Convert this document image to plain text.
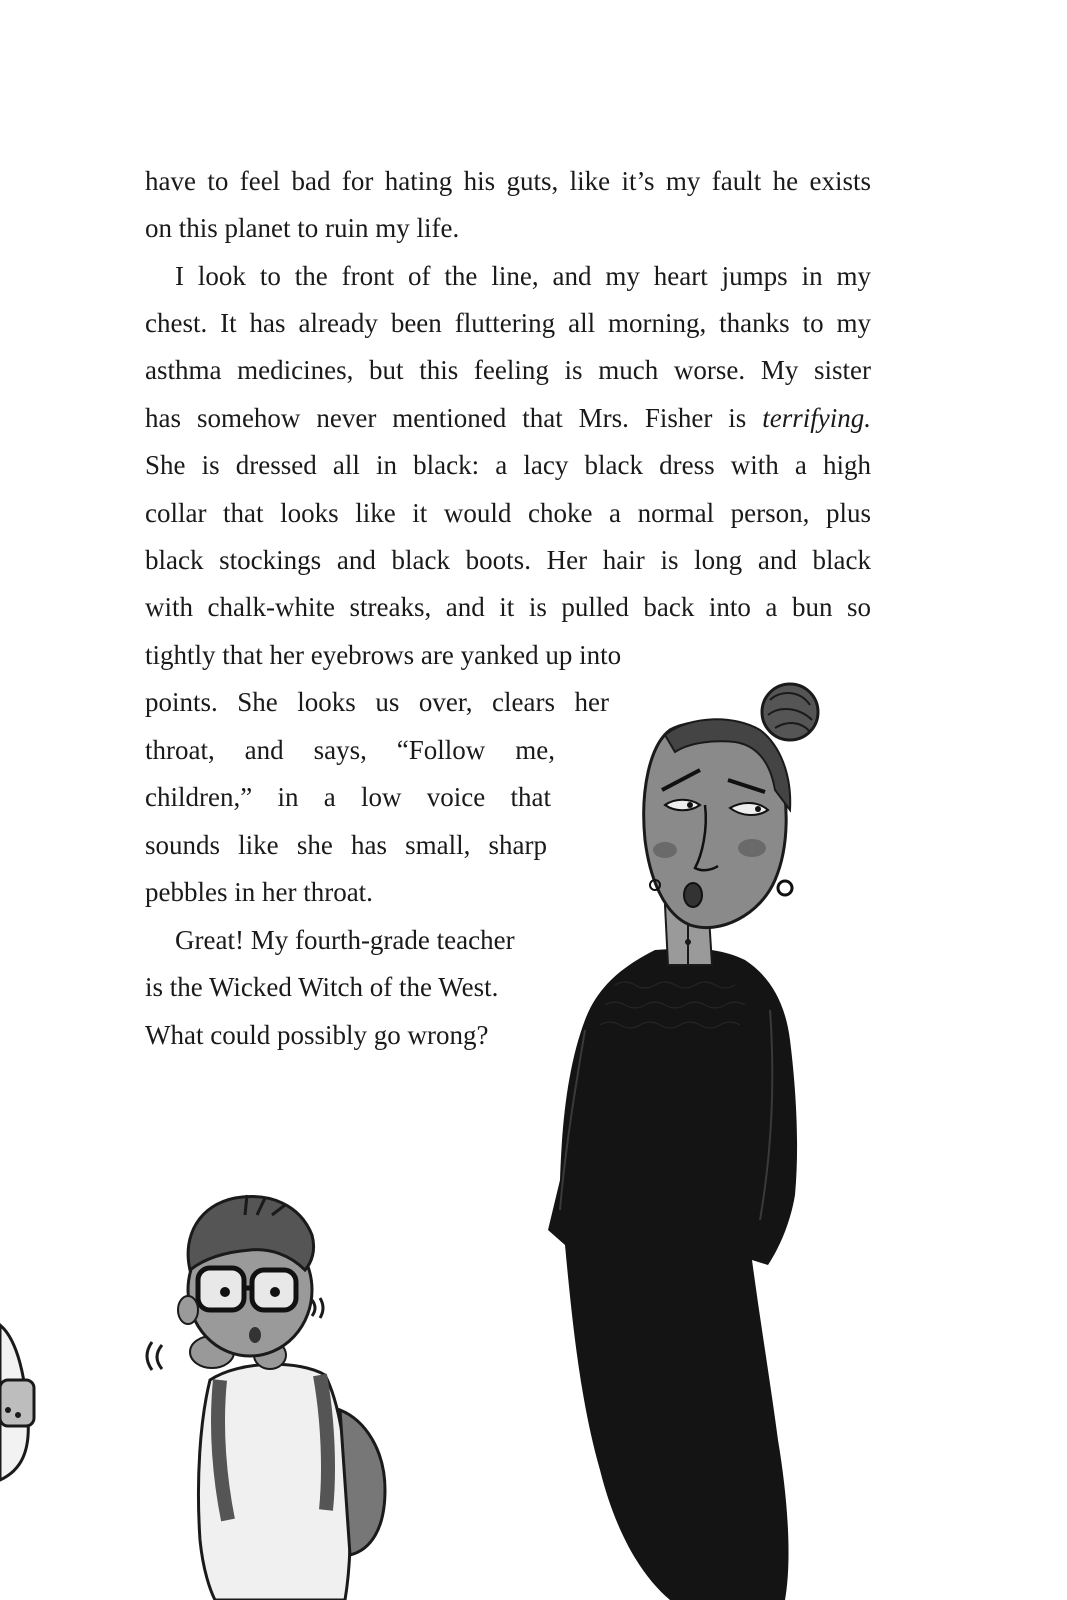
have to feel bad for hating his guts, like it’s my fault he exists
on this planet to ruin my life.
I look to the front of the line, and my heart jumps in my
chest. It has already been fluttering all morning, thanks to my
asthma medicines, but this feeling is much worse. My sister
has somehow never mentioned that Mrs. Fisher is terrifying.
She is dressed all in black: a lacy black dress with a high
collar that looks like it would choke a normal person, plus
black stockings and black boots. Her hair is long and black
with chalk-white streaks, and it is pulled back into a bun so
tightly that her eyebrows are yanked up into
points. She looks us over, clears her
throat, and says, “Follow me,
children,” in a low voice that
sounds like she has small, sharp
pebbles in her throat.
Great! My fourth-grade teacher
is the Wicked Witch of the West.
What could possibly go wrong?
